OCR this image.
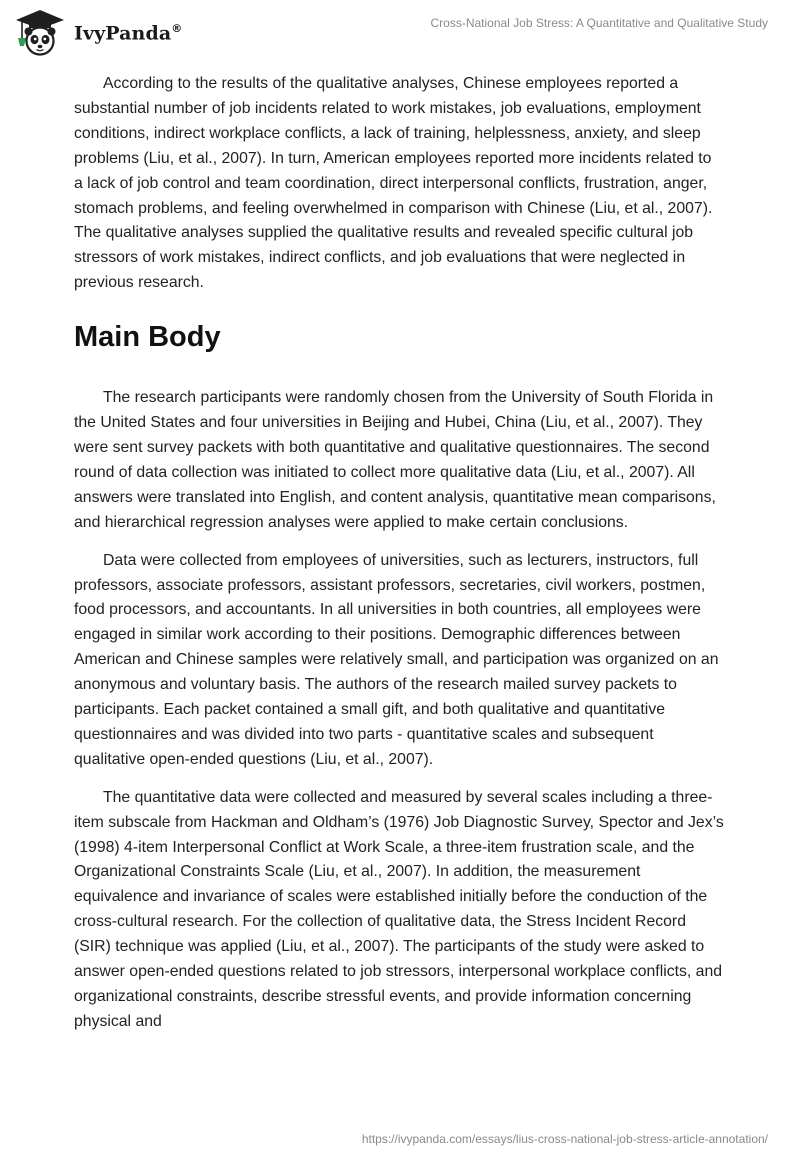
IvyPanda®	Cross-National Job Stress: A Quantitative and Qualitative Study

According to the results of the qualitative analyses, Chinese employees reported a substantial number of job incidents related to work mistakes, job evaluations, employment conditions, indirect workplace conflicts, a lack of training, helplessness, anxiety, and sleep problems (Liu, et al., 2007). In turn, American employees reported more incidents related to a lack of job control and team coordination, direct interpersonal conflicts, frustration, anger, stomach problems, and feeling overwhelmed in comparison with Chinese (Liu, et al., 2007). The qualitative analyses supplied the qualitative results and revealed specific cultural job stressors of work mistakes, indirect conflicts, and job evaluations that were neglected in previous research.

Main Body

The research participants were randomly chosen from the University of South Florida in the United States and four universities in Beijing and Hubei, China (Liu, et al., 2007). They were sent survey packets with both quantitative and qualitative questionnaires. The second round of data collection was initiated to collect more qualitative data (Liu, et al., 2007). All answers were translated into English, and content analysis, quantitative mean comparisons, and hierarchical regression analyses were applied to make certain conclusions.

Data were collected from employees of universities, such as lecturers, instructors, full professors, associate professors, assistant professors, secretaries, civil workers, postmen, food processors, and accountants. In all universities in both countries, all employees were engaged in similar work according to their positions. Demographic differences between American and Chinese samples were relatively small, and participation was organized on an anonymous and voluntary basis. The authors of the research mailed survey packets to participants. Each packet contained a small gift, and both qualitative and quantitative questionnaires and was divided into two parts - quantitative scales and subsequent qualitative open-ended questions (Liu, et al., 2007).

The quantitative data were collected and measured by several scales including a three-item subscale from Hackman and Oldham’s (1976) Job Diagnostic Survey, Spector and Jex’s (1998) 4-item Interpersonal Conflict at Work Scale, a three-item frustration scale, and the Organizational Constraints Scale (Liu, et al., 2007). In addition, the measurement equivalence and invariance of scales were established initially before the conduction of the cross-cultural research. For the collection of qualitative data, the Stress Incident Record (SIR) technique was applied (Liu, et al., 2007). The participants of the study were asked to answer open-ended questions related to job stressors, interpersonal workplace conflicts, and organizational constraints, describe stressful events, and provide information concerning physical and

https://ivypanda.com/essays/lius-cross-national-job-stress-article-annotation/
